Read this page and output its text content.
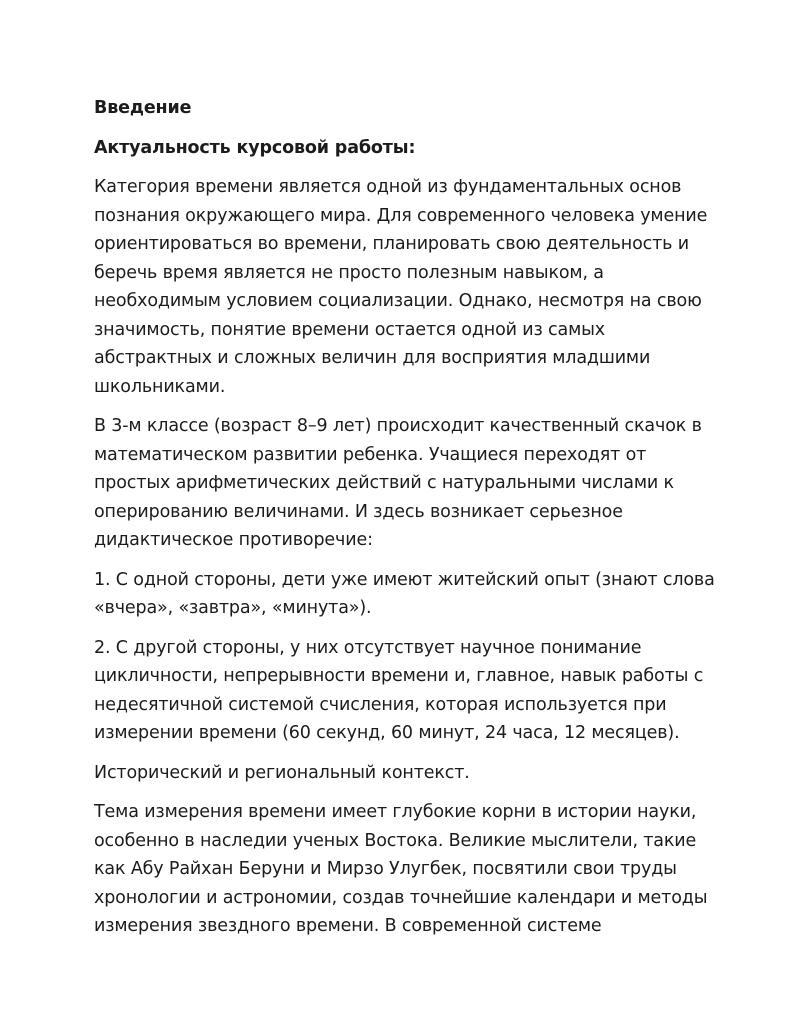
Введение
Актуальность курсовой работы:

Категория времени является одной из фундаментальных основ познания окружающего мира. Для современного человека умение ориентироваться во времени, планировать свою деятельность и беречь время является не просто полезным навыком, а необходимым условием социализации. Однако, несмотря на свою значимость, понятие времени остается одной из самых абстрактных и сложных величин для восприятия младшими школьниками.

В 3-м классе (возраст 8–9 лет) происходит качественный скачок в математическом развитии ребенка. Учащиеся переходят от простых арифметических действий с натуральными числами к оперированию величинами. И здесь возникает серьезное дидактическое противоречие:

1. С одной стороны, дети уже имеют житейский опыт (знают слова «вчера», «завтра», «минута»).

2. С другой стороны, у них отсутствует научное понимание цикличности, непрерывности времени и, главное, навык работы с недесятичной системой счисления, которая используется при измерении времени (60 секунд, 60 минут, 24 часа, 12 месяцев).

Исторический и региональный контекст.

Тема измерения времени имеет глубокие корни в истории науки, особенно в наследии ученых Востока. Великие мыслители, такие как Абу Райхан Беруни и Мирзо Улугбек, посвятили свои труды хронологии и астрономии, создав точнейшие календари и методы измерения звездного времени. В современной системе
